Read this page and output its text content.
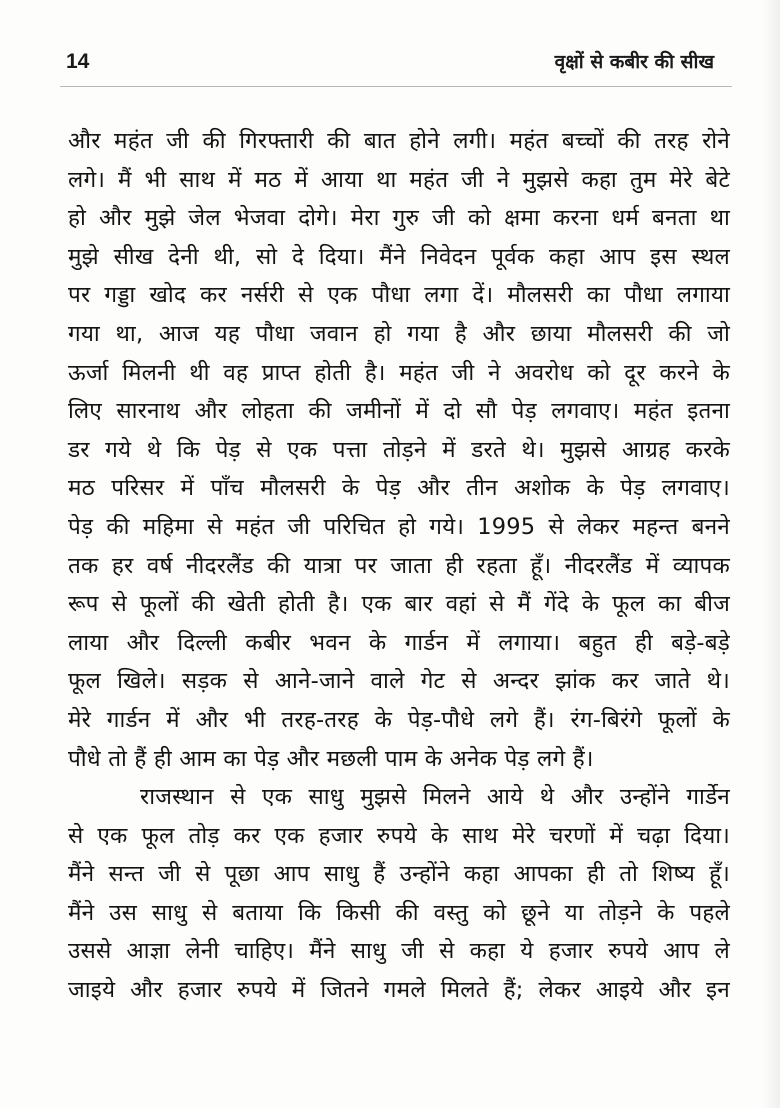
14	वृक्षों से कबीर की सीख
और महंत जी की गिरफ्तारी की बात होने लगी। महंत बच्चों की तरह रोने
लगे। मैं भी साथ में मठ में आया था महंत जी ने मुझसे कहा तुम मेरे बेटे
हो और मुझे जेल भेजवा दोगे। मेरा गुरु जी को क्षमा करना धर्म बनता था
मुझे सीख देनी थी, सो दे दिया। मैंने निवेदन पूर्वक कहा आप इस स्थल
पर गड्डा खोद कर नर्सरी से एक पौधा लगा दें। मौलसरी का पौधा लगाया
गया था, आज यह पौधा जवान हो गया है और छाया मौलसरी की जो
ऊर्जा मिलनी थी वह प्राप्त होती है। महंत जी ने अवरोध को दूर करने के
लिए सारनाथ और लोहता की जमीनों में दो सौ पेड़ लगवाए। महंत इतना
डर गये थे कि पेड़ से एक पत्ता तोड़ने में डरते थे। मुझसे आग्रह करके
मठ परिसर में पाँच मौलसरी के पेड़ और तीन अशोक के पेड़ लगवाए।
पेड़ की महिमा से महंत जी परिचित हो गये। 1995 से लेकर महन्त बनने
तक हर वर्ष नीदरलैंड की यात्रा पर जाता ही रहता हूँ। नीदरलैंड में व्यापक
रूप से फूलों की खेती होती है। एक बार वहां से मैं गेंदे के फूल का बीज
लाया और दिल्ली कबीर भवन के गार्डन में लगाया। बहुत ही बड़े-बड़े
फूल खिले। सड़क से आने-जाने वाले गेट से अन्दर झांक कर जाते थे।
मेरे गार्डन में और भी तरह-तरह के पेड़-पौधे लगे हैं। रंग-बिरंगे फूलों के
पौधे तो हैं ही आम का पेड़ और मछली पाम के अनेक पेड़ लगे हैं।
राजस्थान से एक साधु मुझसे मिलने आये थे और उन्होंने गार्डेन
से एक फूल तोड़ कर एक हजार रुपये के साथ मेरे चरणों में चढ़ा दिया।
मैंने सन्त जी से पूछा आप साधु हैं उन्होंने कहा आपका ही तो शिष्य हूँ।
मैंने उस साधु से बताया कि किसी की वस्तु को छूने या तोड़ने के पहले
उससे आज्ञा लेनी चाहिए। मैंने साधु जी से कहा ये हजार रुपये आप ले
जाइये और हजार रुपये में जितने गमले मिलते हैं; लेकर आइये और इन
